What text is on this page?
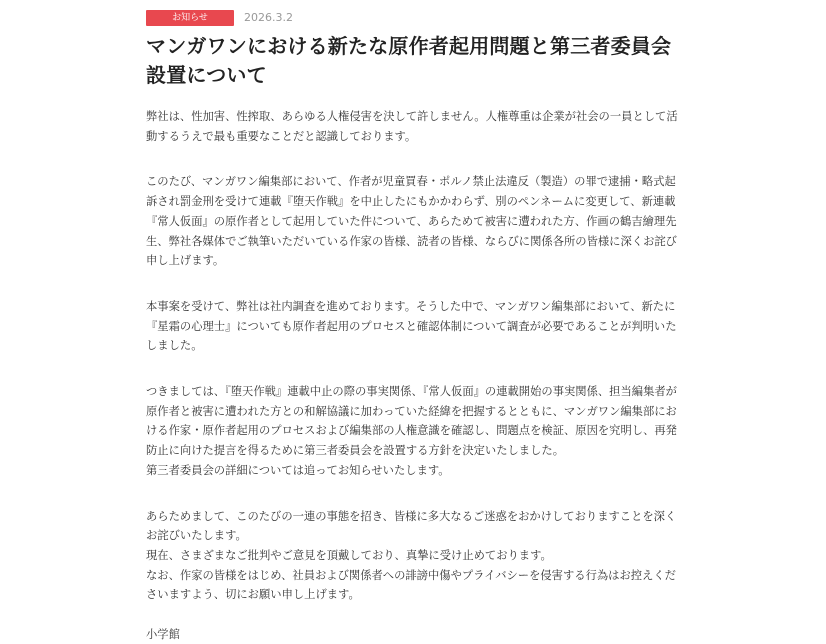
お知らせ	2026.3.2
マンガワンにおける新たな原作者起用問題と第三者委員会設置について

弊社は、性加害、性搾取、あらゆる人権侵害を決して許しません。人権尊重は企業が社会の一員として活動するうえで最も重要なことだと認識しております。

このたび、マンガワン編集部において、作者が児童買春・ポルノ禁止法違反（製造）の罪で逮捕・略式起訴され罰金刑を受けて連載『堕天作戦』を中止したにもかかわらず、別のペンネームに変更して、新連載『常人仮面』の原作者として起用していた件について、あらためて被害に遭われた方、作画の鶴吉繪理先生、弊社各媒体でご執筆いただいている作家の皆様、読者の皆様、ならびに関係各所の皆様に深くお詫び申し上げます。

本事案を受けて、弊社は社内調査を進めております。そうした中で、マンガワン編集部において、新たに『星霜の心理士』についても原作者起用のプロセスと確認体制について調査が必要であることが判明いたしました。

つきましては、『堕天作戦』連載中止の際の事実関係、『常人仮面』の連載開始の事実関係、担当編集者が原作者と被害に遭われた方との和解協議に加わっていた経緯を把握するとともに、マンガワン編集部における作家・原作者起用のプロセスおよび編集部の人権意識を確認し、問題点を検証、原因を究明し、再発防止に向けた提言を得るために第三者委員会を設置する方針を決定いたしました。
第三者委員会の詳細については追ってお知らせいたします。

あらためまして、このたびの一連の事態を招き、皆様に多大なるご迷惑をおかけしておりますことを深くお詫びいたします。
現在、さまざまなご批判やご意見を頂戴しており、真摯に受け止めております。
なお、作家の皆様をはじめ、社員および関係者への誹謗中傷やプライバシーを侵害する行為はお控えくださいますよう、切にお願い申し上げます。

小学館
